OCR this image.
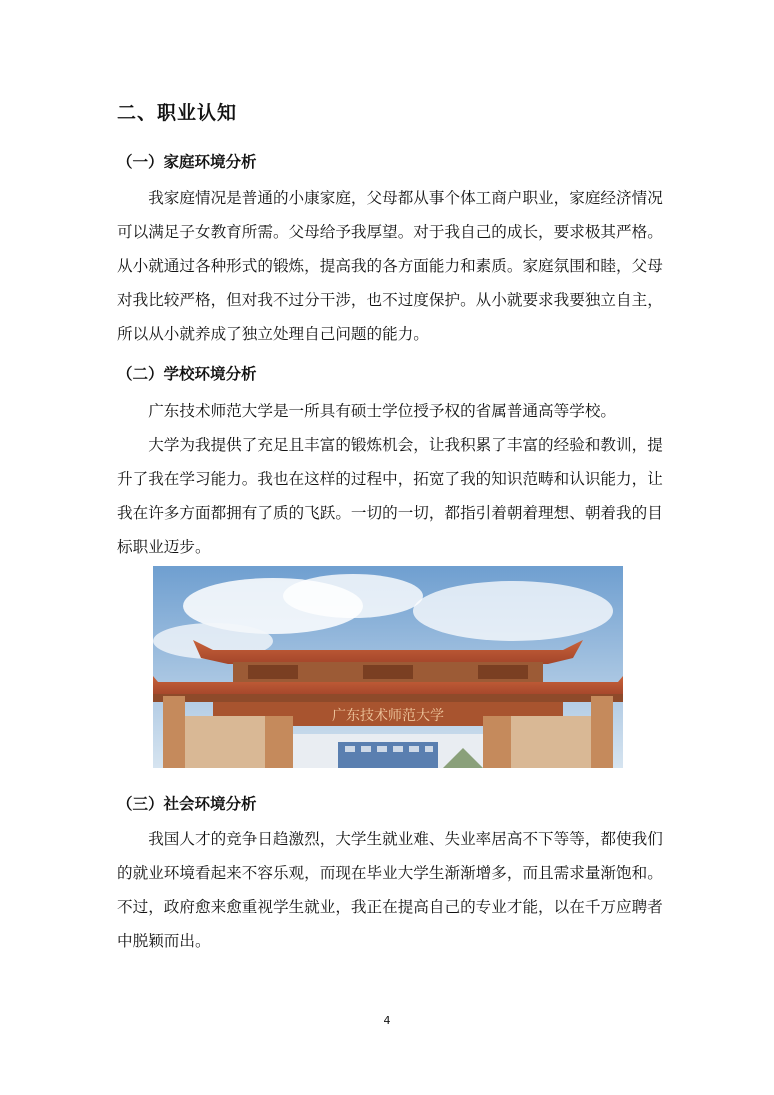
二、职业认知
（一）家庭环境分析
　　我家庭情况是普通的小康家庭，父母都从事个体工商户职业，家庭经济情况
可以满足子女教育所需。父母给予我厚望。对于我自己的成长，要求极其严格。
从小就通过各种形式的锻炼，提高我的各方面能力和素质。家庭氛围和睦，父母
对我比较严格，但对我不过分干涉，也不过度保护。从小就要求我要独立自主，
所以从小就养成了独立处理自己问题的能力。
（二）学校环境分析
　　广东技术师范大学是一所具有硕士学位授予权的省属普通高等学校。
　　大学为我提供了充足且丰富的锻炼机会，让我积累了丰富的经验和教训，提
升了我在学习能力。我也在这样的过程中，拓宽了我的知识范畴和认识能力，让
我在许多方面都拥有了质的飞跃。一切的一切，都指引着朝着理想、朝着我的目
标职业迈步。
广东技术师范大学
（三）社会环境分析
　　我国人才的竞争日趋激烈，大学生就业难、失业率居高不下等等，都使我们
的就业环境看起来不容乐观，而现在毕业大学生渐渐增多，而且需求量渐饱和。
不过，政府愈来愈重视学生就业，我正在提高自己的专业才能，以在千万应聘者
中脱颖而出。
4
